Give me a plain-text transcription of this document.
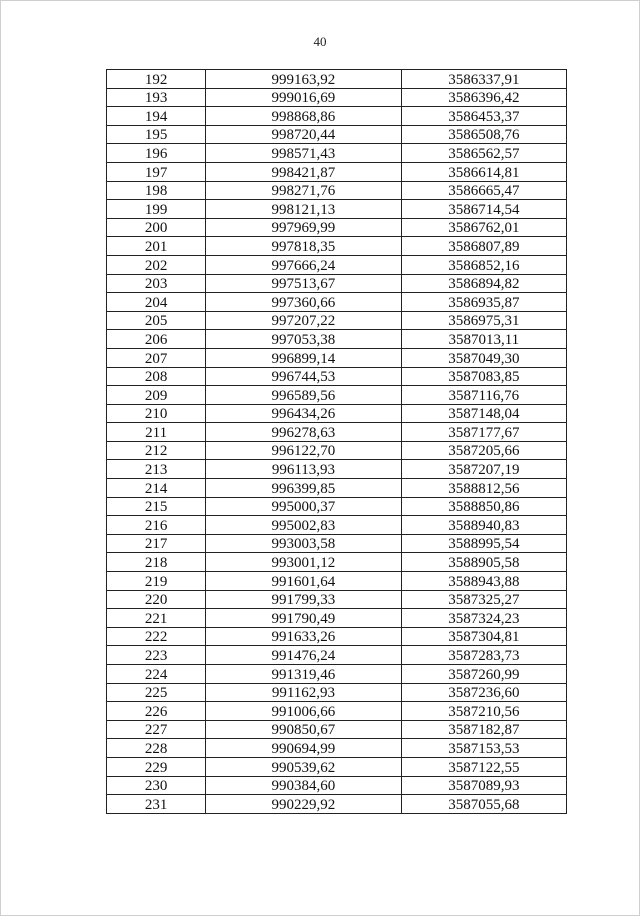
40
192	999163,92	3586337,91
193	999016,69	3586396,42
194	998868,86	3586453,37
195	998720,44	3586508,76
196	998571,43	3586562,57
197	998421,87	3586614,81
198	998271,76	3586665,47
199	998121,13	3586714,54
200	997969,99	3586762,01
201	997818,35	3586807,89
202	997666,24	3586852,16
203	997513,67	3586894,82
204	997360,66	3586935,87
205	997207,22	3586975,31
206	997053,38	3587013,11
207	996899,14	3587049,30
208	996744,53	3587083,85
209	996589,56	3587116,76
210	996434,26	3587148,04
211	996278,63	3587177,67
212	996122,70	3587205,66
213	996113,93	3587207,19
214	996399,85	3588812,56
215	995000,37	3588850,86
216	995002,83	3588940,83
217	993003,58	3588995,54
218	993001,12	3588905,58
219	991601,64	3588943,88
220	991799,33	3587325,27
221	991790,49	3587324,23
222	991633,26	3587304,81
223	991476,24	3587283,73
224	991319,46	3587260,99
225	991162,93	3587236,60
226	991006,66	3587210,56
227	990850,67	3587182,87
228	990694,99	3587153,53
229	990539,62	3587122,55
230	990384,60	3587089,93
231	990229,92	3587055,68
